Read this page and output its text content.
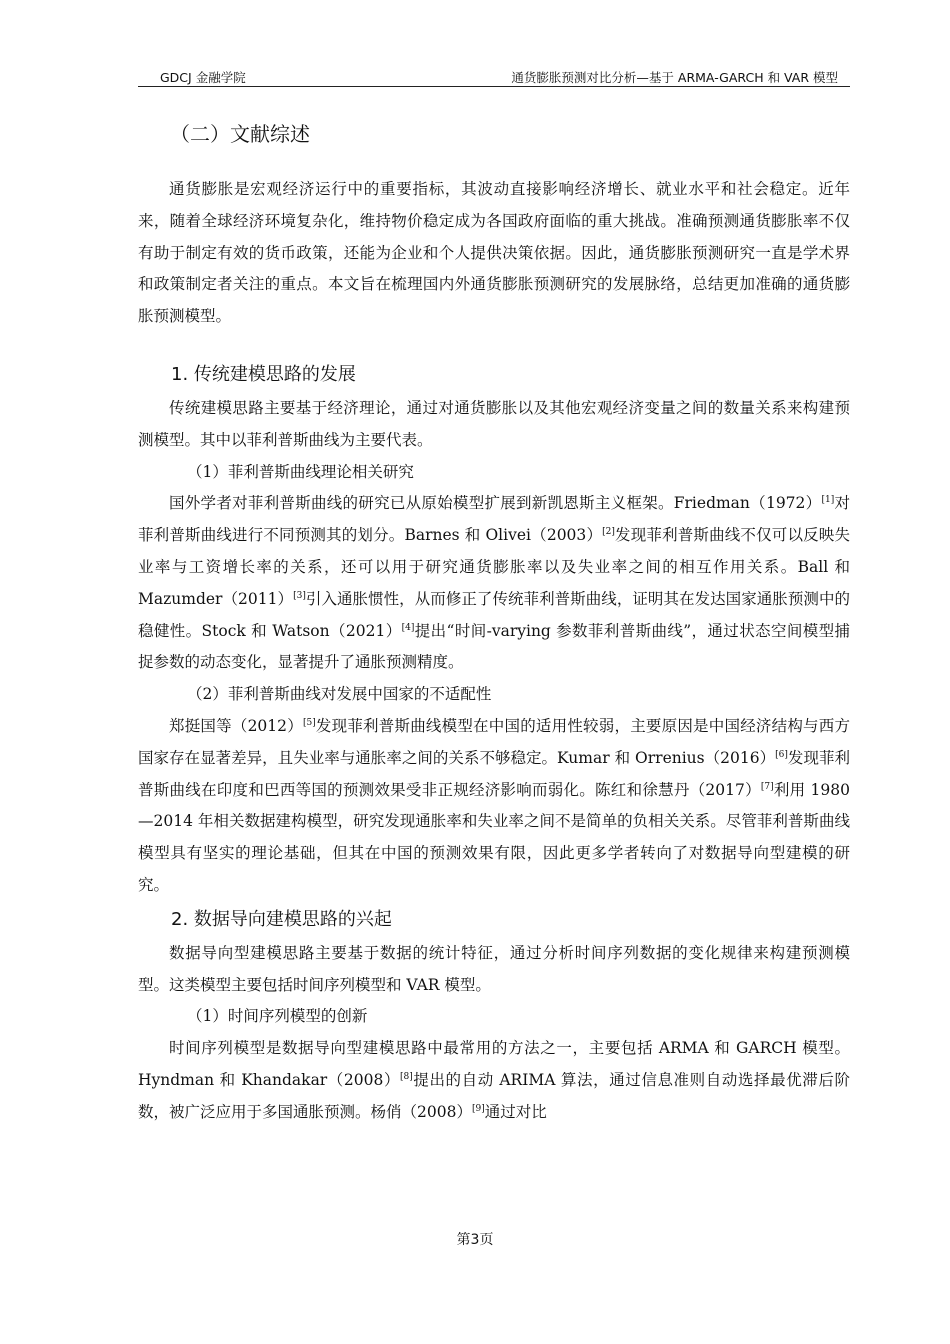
GDCJ 金融学院	通货膨胀预测对比分析—基于 ARMA-GARCH 和 VAR 模型
（二）文献综述

通货膨胀是宏观经济运行中的重要指标，其波动直接影响经济增长、就业水平和社会稳定。近年来，随着全球经济环境复杂化，维持物价稳定成为各国政府面临的重大挑战。准确预测通货膨胀率不仅有助于制定有效的货币政策，还能为企业和个人提供决策依据。因此，通货膨胀预测研究一直是学术界和政策制定者关注的重点。本文旨在梳理国内外通货膨胀预测研究的发展脉络，总结更加准确的通货膨胀预测模型。

1. 传统建模思路的发展

传统建模思路主要基于经济理论，通过对通货膨胀以及其他宏观经济变量之间的数量关系来构建预测模型。其中以菲利普斯曲线为主要代表。

（1）菲利普斯曲线理论相关研究

国外学者对菲利普斯曲线的研究已从原始模型扩展到新凯恩斯主义框架。Friedman（1972）[1]对菲利普斯曲线进行不同预测其的划分。Barnes 和 Olivei（2003）[2]发现菲利普斯曲线不仅可以反映失业率与工资增长率的关系，还可以用于研究通货膨胀率以及失业率之间的相互作用关系。Ball 和 Mazumder（2011）[3]引入通胀惯性，从而修正了传统菲利普斯曲线，证明其在发达国家通胀预测中的稳健性。Stock 和 Watson（2021）[4]提出“时间-varying 参数菲利普斯曲线”，通过状态空间模型捕捉参数的动态变化，显著提升了通胀预测精度。

（2）菲利普斯曲线对发展中国家的不适配性

郑挺国等（2012）[5]发现菲利普斯曲线模型在中国的适用性较弱，主要原因是中国经济结构与西方国家存在显著差异，且失业率与通胀率之间的关系不够稳定。Kumar 和 Orrenius（2016）[6]发现菲利普斯曲线在印度和巴西等国的预测效果受非正规经济影响而弱化。陈红和徐慧丹（2017）[7]利用 1980—2014 年相关数据建构模型，研究发现通胀率和失业率之间不是简单的负相关关系。尽管菲利普斯曲线模型具有坚实的理论基础，但其在中国的预测效果有限，因此更多学者转向了对数据导向型建模的研究。

2. 数据导向建模思路的兴起

数据导向型建模思路主要基于数据的统计特征，通过分析时间序列数据的变化规律来构建预测模型。这类模型主要包括时间序列模型和 VAR 模型。

（1）时间序列模型的创新

时间序列模型是数据导向型建模思路中最常用的方法之一，主要包括 ARMA 和 GARCH 模型。Hyndman 和 Khandakar（2008）[8]提出的自动 ARIMA 算法，通过信息准则自动选择最优滞后阶数，被广泛应用于多国通胀预测。杨俏（2008）[9]通过对比

第3页
